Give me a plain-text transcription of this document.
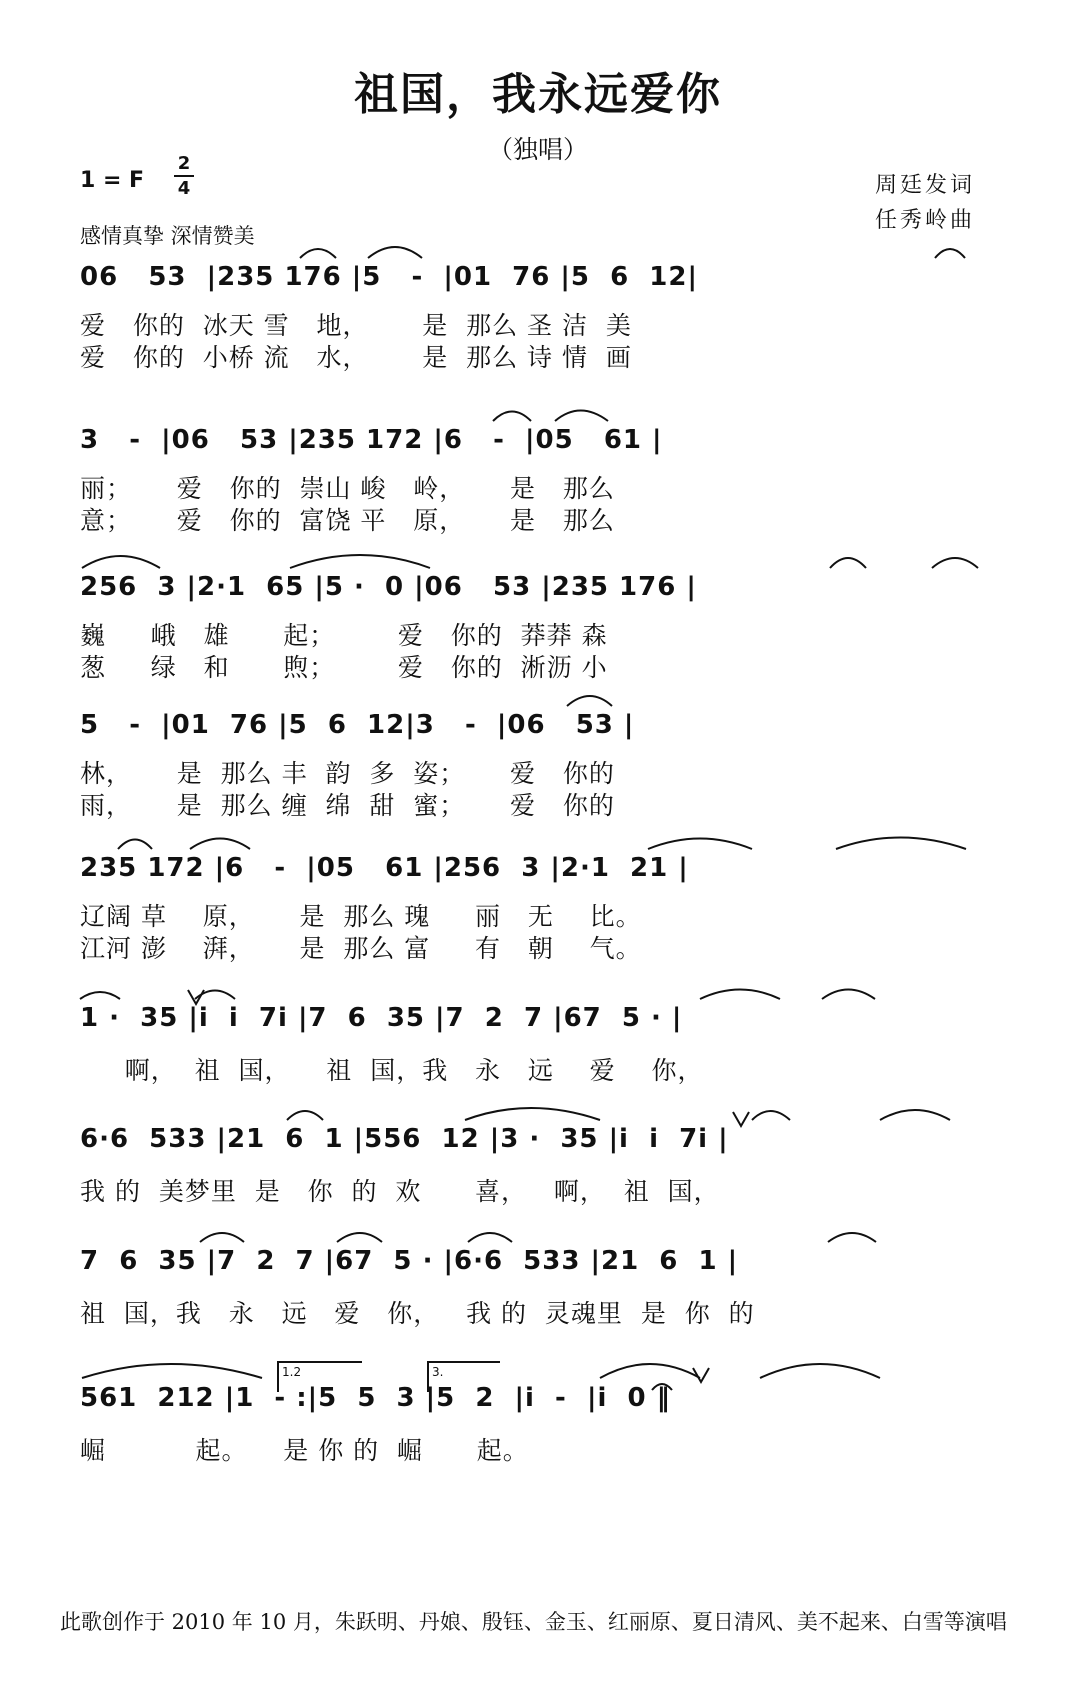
祖国，我永远爱你
（独唱）
1 = F
2
4
感情真挚 深情赞美
周廷发词
任秀岭曲
06   53  |235 176 |5   -  |01  76 |5  6  12|
爱   你的  冰天 雪   地，      是  那么 圣 洁  美
爱   你的  小桥 流   水，      是  那么 诗 情  画
3   -  |06   53 |235 172 |6   -  |05   61 |
丽；     爱   你的  崇山 峻   岭，     是   那么
意；     爱   你的  富饶 平   原，     是   那么
256  3 |2·1  65 |5 ·  0 |06   53 |235 176 |
巍     峨   雄      起；       爱   你的  莽莽 森
葱     绿   和      煦；       爱   你的  淅沥 小
5   -  |01  76 |5  6  12|3   -  |06   53 |
林，     是  那么 丰  韵  多  姿；     爱   你的
雨，     是  那么 缠  绵  甜  蜜；     爱   你的
235 172 |6   -  |05   61 |256  3 |2·1  21 |
辽阔 草    原，     是  那么 瑰     丽   无    比。
江河 澎    湃，     是  那么 富     有   朝    气。
1 ·  35 |i  i  7i |7  6  35 |7  2  7 |67  5 · |
啊，  祖  国，    祖  国，我   永   远    爱    你，
6·6  533 |21  6  1 |556  12 |3 ·  35 |i  i  7i |
我 的  美梦里  是   你  的  欢      喜，   啊，  祖  国，
7  6  35 |7  2  7 |67  5 · |6·6  533 |21  6  1 |
祖  国，我   永   远   爱   你，   我 的  灵魂里  是  你  的
561  212 |1  - :|5  5  3 |5  2  |i  -  |i  0 ‖
崛          起。    是 你 的  崛      起。
1.2	3.
此歌创作于 2010 年 10 月，朱跃明、丹娘、殷钰、金玉、红丽原、夏日清风、美不起来、白雪等演唱
